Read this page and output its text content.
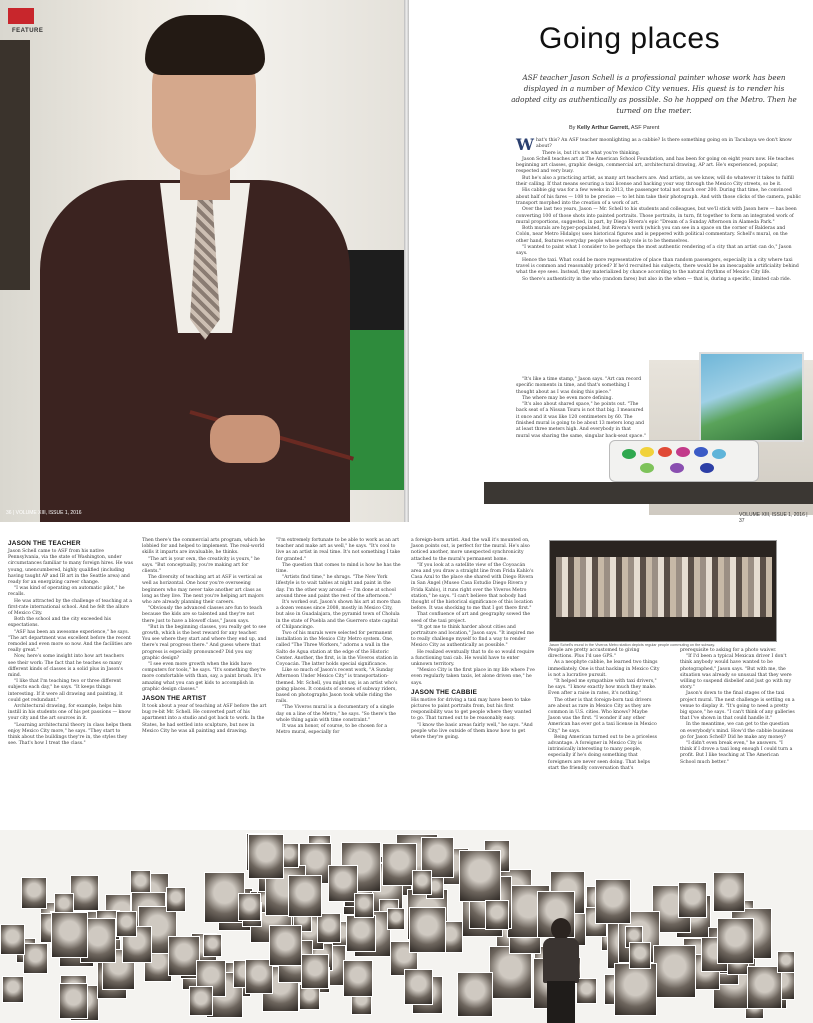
FEATURE
36 | VOLUME XIII, ISSUE 1, 2016
Going places

ASF teacher Jason Schell is a professional painter whose work has been displayed in a number of Mexico City venues. His quest is to render his adopted city as authentically as possible. So he hopped on the Metro. Then he turned on the meter.

By Kelly Arthur Garrett, ASF Parent

What's this? An ASF teacher moonlighting as a cabbie? Is there something going on in Tacubaya we don't know about?

There is, but it's not what you're thinking.

Jason Schell teaches art at The American School Foundation, and has been for going on eight years now. He teaches beginning art classes, graphic design, commercial art, architectural drawing, AP art. He's experienced, popular, respected and very busy.

But he's also a practicing artist, as many art teachers are. And artists, as we know, will do whatever it takes to fulfill their calling. If that means securing a taxi license and hacking your way through the Mexico City streets, so be it.

His cabbie gig was for a few weeks in 2013, the passenger total not much over 200. During that time, he convinced about half of his fares — 108 to be precise — to let him take their photograph. And with those clicks of the camera, public transport morphed into the creation of a work of art.

Over the last two years, Jason — Mr. Schell to his students and colleagues, but we'll stick with Jason here — has been converting 100 of those shots into painted portraits. Those portraits, in turn, fit together to form an integrated work of mural proportions, suggested, in part, by Diego Rivera's epic "Dream of a Sunday Afternoon in Alameda Park."

Both murals are hyper-populated, but Rivera's work (which you can see in a space on the corner of Balderas and Colón, near Metro Hidalgo) uses historical figures and is peppered with political commentary. Schell's mural, on the other hand, features everyday people whose only role is to be themselves.

"I wanted to paint what I consider to be perhaps the most authentic rendering of a city that an artist can do," Jason says.

Hence the taxi. What could be more representative of place than random passengers, especially in a city where taxi travel is common and reasonably priced? If he'd recruited his subjects, there would be an inescapable artificiality behind what the eye sees. Instead, they materialized by chance according to the natural rhythms of Mexico City life.

So there's authenticity in the who (random fares) but also in the when — that is, during a specific, limited cab ride.

"It's like a time stamp," Jason says. "Art can record specific moments in time, and that's something I thought about as I was doing this piece."

The where may be even more defining.

"It's also about shared space," he points out. "The back seat of a Nissan Tsuru is not that big. I measured it once and it was like 120 centimeters by 60. The finished mural is going to be about 13 meters long and at least three meters high. And everybody in that mural was sharing the same, singular back-seat space."

VOLUME XIII, ISSUE 1, 2016 | 37
JASON THE TEACHER

Jason Schell came to ASF from his native Pennsylvania, via the state of Washington, under circumstances familiar to many foreign hires. He was young, unencumbered, highly qualified (including having taught AP and IB art in the Seattle area) and ready for an energizing career change.

"I was kind of operating on automatic pilot," he recalls.

He was attracted by the challenge of teaching at a first-rate international school. And he felt the allure of Mexico City.

Both the school and the city exceeded his expectations.

"ASF has been an awesome experience," he says. "The art department was excellent before the recent remodel and even more so now. And the facilities are really great."

Now, here's some insight into how art teachers see their work: The fact that he teaches so many different kinds of classes is a solid plus in Jason's mind.

"I like that I'm teaching two or three different subjects each day," he says. "It keeps things interesting. If it were all drawing and painting, it could get redundant."

Architectural drawing, for example, helps him instill in his students one of his pet passions — know your city and the art sources in it.

"Learning architectural theory in class helps them enjoy Mexico City more," he says. "They start to think about the buildings they're in, the styles they see. That's how I treat the class."

Then there's the commercial arts program, which he lobbied for and helped to implement. The real-world skills it imparts are invaluable, he thinks.

"The art is your own, the creativity is yours," he says. "But conceptually, you're making art for clients."

The diversity of teaching art at ASF is vertical as well as horizontal. One hour you're overseeing beginners who may never take another art class as long as they live. The next you're helping art majors who are already planning their careers.

"Obviously the advanced classes are fun to teach because the kids are so talented and they're not there just to have a blowoff class," Jason says.

"But in the beginning classes, you really get to see growth, which is the best reward for any teacher. You see where they start and where they end up, and there's real progress there." And guess where that progress is especially pronounced? Did you say graphic design?

"I see even more growth when the kids have computers for tools," he says. "It's something they're more comfortable with than, say, a paint brush. It's amazing what you can get kids to accomplish in graphic design classes."

JASON THE ARTIST

It took about a year of teaching at ASF before the art bug re-bit Mr. Schell. He converted part of his apartment into a studio and got back to work. In the States, he had settled into sculpture, but now in Mexico City he was all painting and drawing.

"I'm extremely fortunate to be able to work as an art teacher and make art as well," he says. "It's cool to live as an artist in real time. It's not something I take for granted."

The question that comes to mind is how he has the time.

"Artists find time," he shrugs. "The New York lifestyle is to wait tables at night and paint in the day. I'm the other way around — I'm done at school around three and paint the rest of the afternoon."

It's worked out. Jason's shown his art at more than a dozen venues since 2008, mostly in Mexico City, but also in Guadalajara, the pyramid town of Cholula in the state of Puebla and the Guerrero state capital of Chilpancingo.

Two of his murals were selected for permanent installation in the Mexico City Metro system. One, called "The Three Workers," adorns a wall in the Salto de Agua station at the edge of the Historic Center. Another, the first, is in the Viveros station in Coyoacán. The latter holds special significance.

Like so much of Jason's recent work, "A Sunday Afternoon Under Mexico City" is transportation-themed. Mr. Schell, you might say, is an artist who's going places. It consists of scenes of subway riders, based on photographs Jason took while riding the rails.

"The Viveros mural is a documentary of a single day on a line of the Metro," he says. "So there's the whole thing again with time constraint."

It was an honor, of course, to be chosen for a Metro mural, especially for

a foreign-born artist. And the wall it's mounted on, Jason points out, is perfect for the mural. He's also noticed another, more unexpected synchronicity attached to the mural's permanent home.

"If you look at a satellite view of the Coyoacán area and you draw a straight line from Frida Kahlo's Casa Azul to the place she shared with Diego Rivera in San Ángel (Museo Casa Estudio Diego Rivera y Frida Kahlo), it runs right over the Viveros Metro station," he says. "I can't believe that nobody had thought of the historical significance of this location before. It was shocking to me that I got there first."

That confluence of art and geography sowed the seed of the taxi project.

"It got me to think harder about cities and portraiture and location," Jason says. "It inspired me to really challenge myself to find a way to render Mexico City as authentically as possible."

He realized eventually that to do so would require a functioning taxi cab. He would have to enter unknown territory.

"Mexico City is the first place in my life where I've even regularly taken taxis, let alone driven one," he says.

JASON THE CABBIE

His motive for driving a taxi may have been to take pictures to paint portraits from, but his first responsibility was to get people where they wanted to go. That turned out to be reasonably easy.

"I know the basic areas fairly well," he says. "And people who live outside of them know how to get where they're going.

Jason Schell's mural in the Viveros Metro station depicts regular people commuting on the subway.

People are pretty accustomed to giving directions. Plus I'd use GPS."

As a neophyte cabbie, he learned two things immediately. One is that hacking in Mexico City is not a lucrative pursuit.

"It helped me sympathize with taxi drivers," he says. "I know exactly how much they make. Even after a raise in rates, it's nothing."

The other is that foreign-born taxi drivers are about as rare in Mexico City as they are common in U.S. cities. Who knows? Maybe Jason was the first. "I wonder if any other American has ever got a taxi license in Mexico City," he says.

Being American turned out to be a priceless advantage. A foreigner in Mexico City is intrinsically interesting to many people, especially if he's doing something that foreigners are never seen doing. That helps start the friendly conversation that's

prerequisite to asking for a photo waiver.

"If I'd been a typical Mexican driver I don't think anybody would have wanted to be photographed," Jason says. "But with me, the situation was already so unusual that they were willing to suspend disbelief and just go with my story."

Jason's down to the final stages of the taxi project mural. The next challenge is settling on a venue to display it. "It's going to need a pretty big space," he says. "I can't think of any galleries that I've shown in that could handle it."

In the meantime, we can get to the question on everybody's mind. How'd the cabbie business go for Jason Schell? Did he make any money?

"I didn't even break even," he answers. "I think if I drove a taxi long enough I could turn a profit. But I like teaching at The American School much better."
